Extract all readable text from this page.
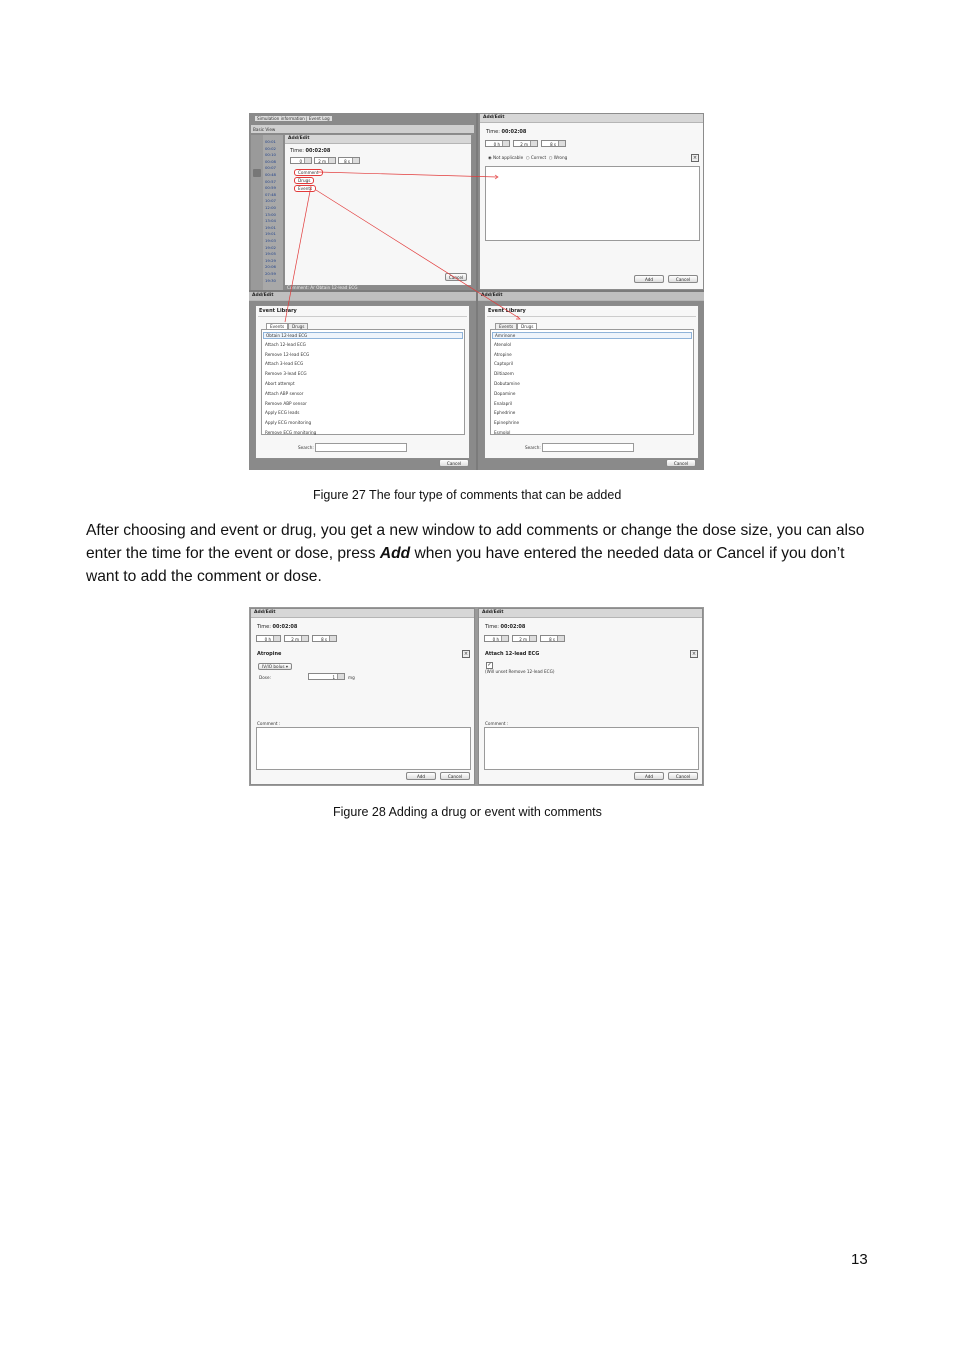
Simulation information | Event Log
Basic View
00:01
00:02
00:10
00:08
00:07
00:48
00:57
00:59
07:48
10:07
12:00
13:00
13:04
19:01
19:01
19:03
19:02
19:05
19:29
20:06
20:59
19:30
Add/Edit
Time: 00:02:08
0	2 m	8 s
Comment
Drugs
Events
Cancel
Comment: Ar Obtain 12-lead ECG
Add/Edit
Time: 00:02:08
0 h	2 m	8 s
◉ Not applicable ○ Correct ○ Wrong	×
Add	Cancel
Add/Edit
Event Library
Events	Drugs
Obtain 12-lead ECG
Attach 12-lead ECG
Remove 12-lead ECG
Attach 3-lead ECG
Remove 3-lead ECG
Abort attempt
Attach ABP sensor
Remove ABP sensor
Apply ECG leads
Apply ECG monitoring
Remove ECG monitoring
Search:
Cancel
Add/Edit
Event Library
Events	Drugs
Amrinone
Atenolol
Atropine
Captopril
Diltiazem
Dobutamine
Dopamine
Enalapril
Ephedrine
Epinephrine
Esmolol
Search:
Cancel
Figure 27 The four type of comments that can be added
After choosing and event or drug, you get a new window to add comments or change the dose size, you can also enter the time for the event or dose, press Add when you have entered the needed data or Cancel if you don’t want to add the comment or dose.
Add/Edit
Time: 00:02:08
0 h	2 m	8 s
Atropine	×
IV/IO bolus ▾
Dose:	1	mg
Comment :
Add	Cancel
Add/Edit
Time: 00:02:08
0 h	2 m	8 s
Attach 12-lead ECG	×
✓
(Will unset Remove 12-lead ECG)
Comment :
Add	Cancel
Figure 28 Adding a drug or event with comments
13
